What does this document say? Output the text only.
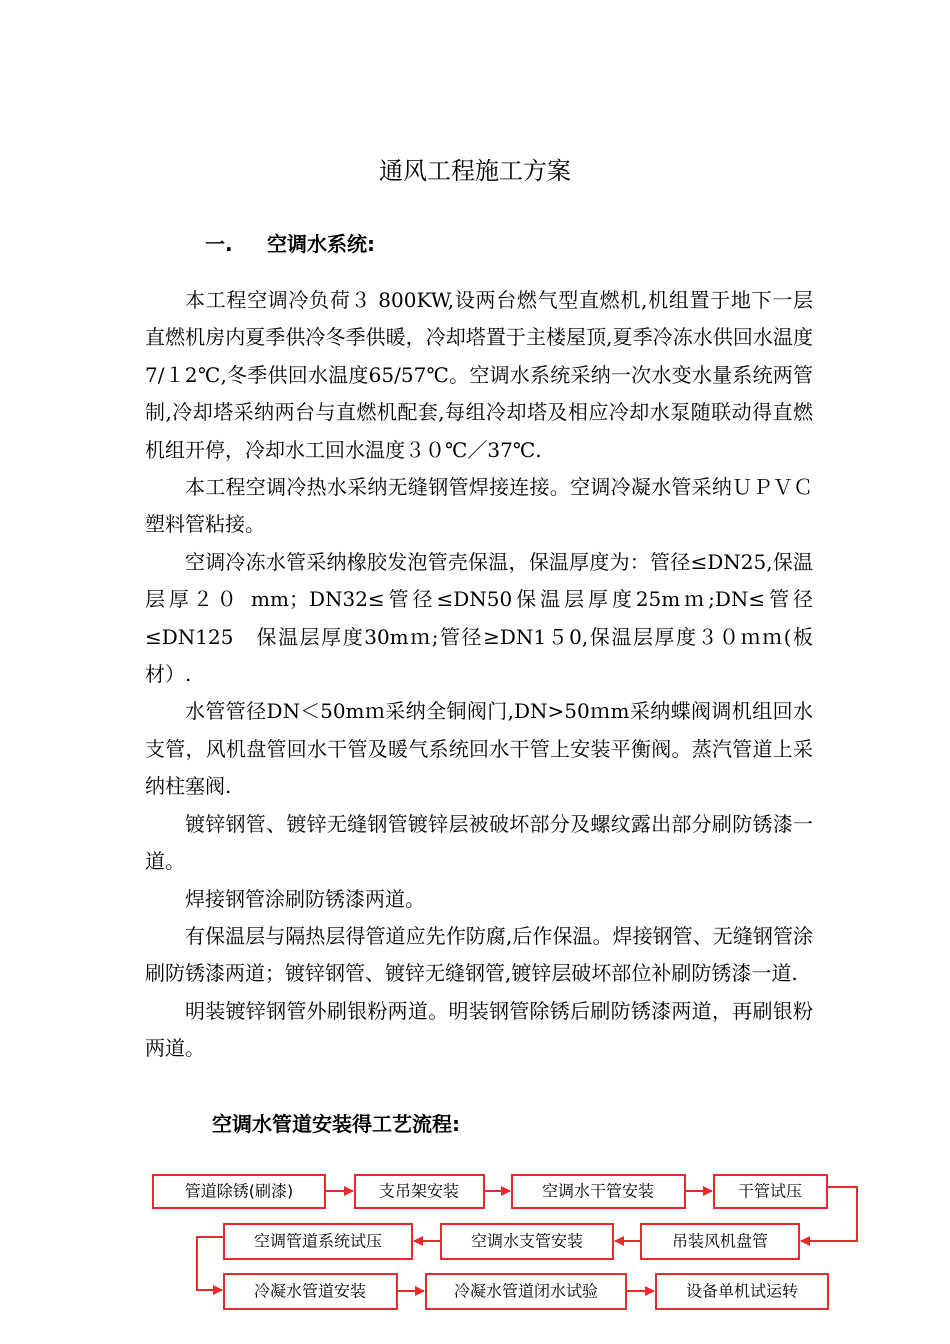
通风工程施工方案
一. 空调水系统:

本工程空调冷负荷３ 800KW,设两台燃气型直燃机,机组置于地下一层直燃机房内夏季供冷冬季供暖，冷却塔置于主楼屋顶,夏季冷冻水供回水温度7/１2℃,冬季供回水温度65/57℃。空调水系统采纳一次水变水量系统两管制,冷却塔采纳两台与直燃机配套,每组冷却塔及相应冷却水泵随联动得直燃机组开停，冷却水工回水温度３０℃／37℃.

本工程空调冷热水采纳无缝钢管焊接连接。空调冷凝水管采纳ＵＰＶＣ塑料管粘接。

空调冷冻水管采纳橡胶发泡管壳保温，保温厚度为：管径≤DN25,保温层厚２０ mm；DN32≤管径≤DN50保温层厚度25mｍ;DN≤管径≤DN125　保温层厚度30mｍ;管径≥DN1５0,保温层厚度３０ｍｍ(板材）.

水管管径DN＜50mｍ采纳全铜阀门,DN>50ｍm采纳蝶阀调机组回水支管，风机盘管回水干管及暖气系统回水干管上安装平衡阀。蒸汽管道上采纳柱塞阀.

镀锌钢管、镀锌无缝钢管镀锌层被破坏部分及螺纹露出部分刷防锈漆一道。

焊接钢管涂刷防锈漆两道。

有保温层与隔热层得管道应先作防腐,后作保温。焊接钢管、无缝钢管涂刷防锈漆两道；镀锌钢管、镀锌无缝钢管,镀锌层破坏部位补刷防锈漆一道.

明装镀锌钢管外刷银粉两道。明装钢管除锈后刷防锈漆两道，再刷银粉两道。

空调水管道安装得工艺流程:
管道除锈(刷漆)	支吊架安装	空调水干管安装	干管试压
吊装风机盘管
空调水支管安装
空调管道系统试压
冷凝水管道安装	冷凝水管道闭水试验	设备单机试运转
